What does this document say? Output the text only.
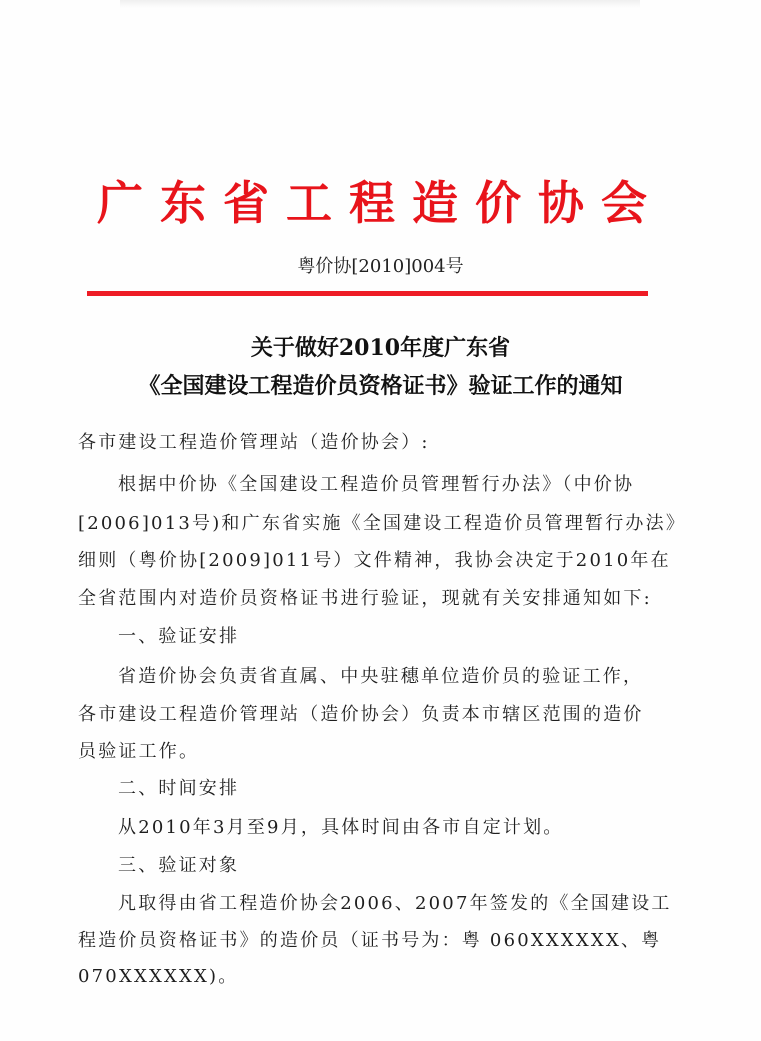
广 东 省 工 程 造 价 协 会
粤价协[2010]004号
关于做好2010年度广东省
《全国建设工程造价员资格证书》验证工作的通知
各市建设工程造价管理站（造价协会）:
根据中价协《全国建设工程造价员管理暂行办法》（中价协
[2006]013号)和广东省实施《全国建设工程造价员管理暂行办法》
细则（粤价协[2009]011号）文件精神，我协会决定于2010年在
全省范围内对造价员资格证书进行验证，现就有关安排通知如下:
一、验证安排
省造价协会负责省直属、中央驻穗单位造价员的验证工作，
各市建设工程造价管理站（造价协会）负责本市辖区范围的造价
员验证工作。
二、时间安排
从2010年3月至9月，具体时间由各市自定计划。
三、验证对象
凡取得由省工程造价协会2006、2007年签发的《全国建设工
程造价员资格证书》的造价员（证书号为：粤 060XXXXXX、粤
070XXXXXX)。
